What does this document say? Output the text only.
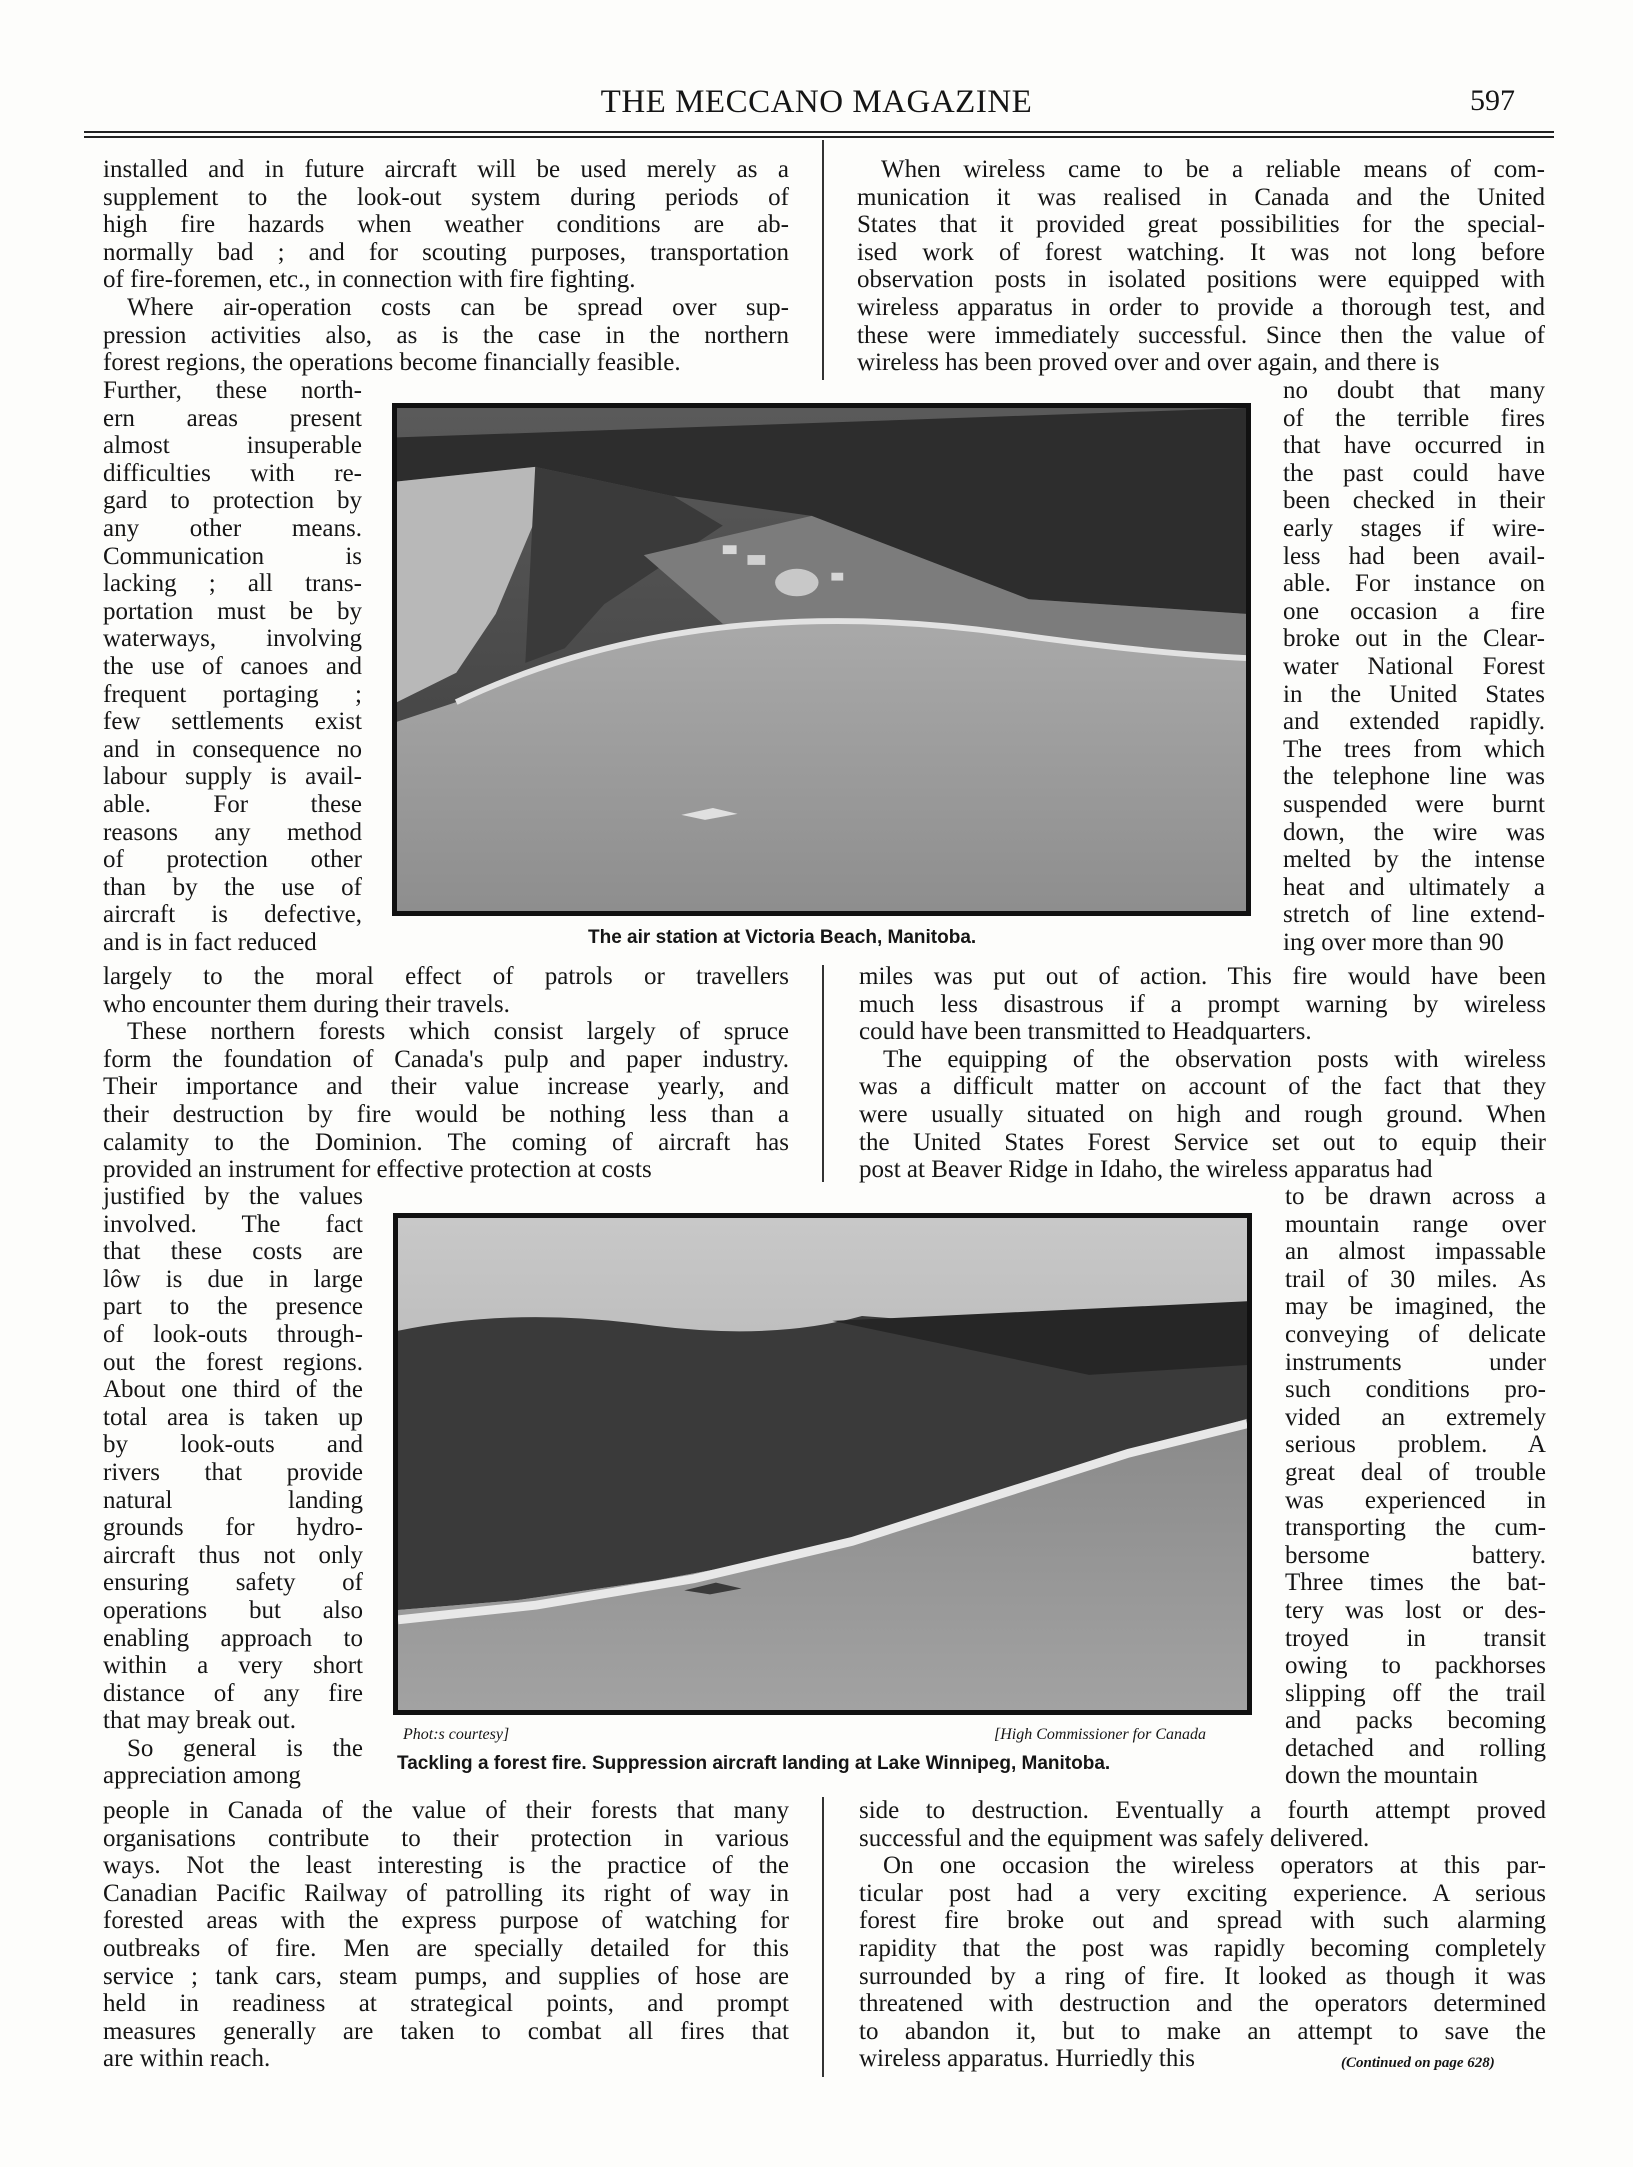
THE MECCANO MAGAZINE	597
installed and in future aircraft will be used merely as a
supplement to the look-out system during periods of
high fire hazards when weather conditions are ab-
normally bad ; and for scouting purposes, transportation
of fire-foremen, etc., in connection with fire fighting.
Where air-operation costs can be spread over sup-
pression activities also, as is the case in the northern
forest regions, the operations become financially feasible.
Further, these north-
ern areas present
almost insuperable
difficulties with re-
gard to protection by
any other means.
Communication is
lacking ; all trans-
portation must be by
waterways, involving
the use of canoes and
frequent portaging ;
few settlements exist
and in consequence no
labour supply is avail-
able. For these
reasons any method
of protection other
than by the use of
aircraft is defective,
and is in fact reduced
largely to the moral effect of patrols or travellers
who encounter them during their travels.
These northern forests which consist largely of spruce
form the foundation of Canada's pulp and paper industry.
Their importance and their value increase yearly, and
their destruction by fire would be nothing less than a
calamity to the Dominion. The coming of aircraft has
provided an instrument for effective protection at costs
justified by the values
involved. The fact
that these costs are
lôw is due in large
part to the presence
of look-outs through-
out the forest regions.
About one third of the
total area is taken up
by look-outs and
rivers that provide
natural landing
grounds for hydro-
aircraft thus not only
ensuring safety of
operations but also
enabling approach to
within a very short
distance of any fire
that may break out.
So general is the
appreciation among
people in Canada of the value of their forests that many
organisations contribute to their protection in various
ways. Not the least interesting is the practice of the
Canadian Pacific Railway of patrolling its right of way in
forested areas with the express purpose of watching for
outbreaks of fire. Men are specially detailed for this
service ; tank cars, steam pumps, and supplies of hose are
held in readiness at strategical points, and prompt
measures generally are taken to combat all fires that
are within reach.
When wireless came to be a reliable means of com-
munication it was realised in Canada and the United
States that it provided great possibilities for the special-
ised work of forest watching. It was not long before
observation posts in isolated positions were equipped with
wireless apparatus in order to provide a thorough test, and
these were immediately successful. Since then the value of
wireless has been proved over and over again, and there is
no doubt that many
of the terrible fires
that have occurred in
the past could have
been checked in their
early stages if wire-
less had been avail-
able. For instance on
one occasion a fire
broke out in the Clear-
water National Forest
in the United States
and extended rapidly.
The trees from which
the telephone line was
suspended were burnt
down, the wire was
melted by the intense
heat and ultimately a
stretch of line extend-
ing over more than 90
miles was put out of action. This fire would have been
much less disastrous if a prompt warning by wireless
could have been transmitted to Headquarters.
The equipping of the observation posts with wireless
was a difficult matter on account of the fact that they
were usually situated on high and rough ground. When
the United States Forest Service set out to equip their
post at Beaver Ridge in Idaho, the wireless apparatus had
to be drawn across a
mountain range over
an almost impassable
trail of 30 miles. As
may be imagined, the
conveying of delicate
instruments under
such conditions pro-
vided an extremely
serious problem. A
great deal of trouble
was experienced in
transporting the cum-
bersome battery.
Three times the bat-
tery was lost or des-
troyed in transit
owing to packhorses
slipping off the trail
and packs becoming
detached and rolling
down the mountain
side to destruction. Eventually a fourth attempt proved
successful and the equipment was safely delivered.
On one occasion the wireless operators at this par-
ticular post had a very exciting experience. A serious
forest fire broke out and spread with such alarming
rapidity that the post was rapidly becoming completely
surrounded by a ring of fire. It looked as though it was
threatened with destruction and the operators determined
to abandon it, but to make an attempt to save the
wireless apparatus. Hurriedly this
The air station at Victoria Beach, Manitoba.
Phot:s courtesy]	[High Commissioner for Canada
Tackling a forest fire. Suppression aircraft landing at Lake Winnipeg, Manitoba.
(Continued on page 628)
